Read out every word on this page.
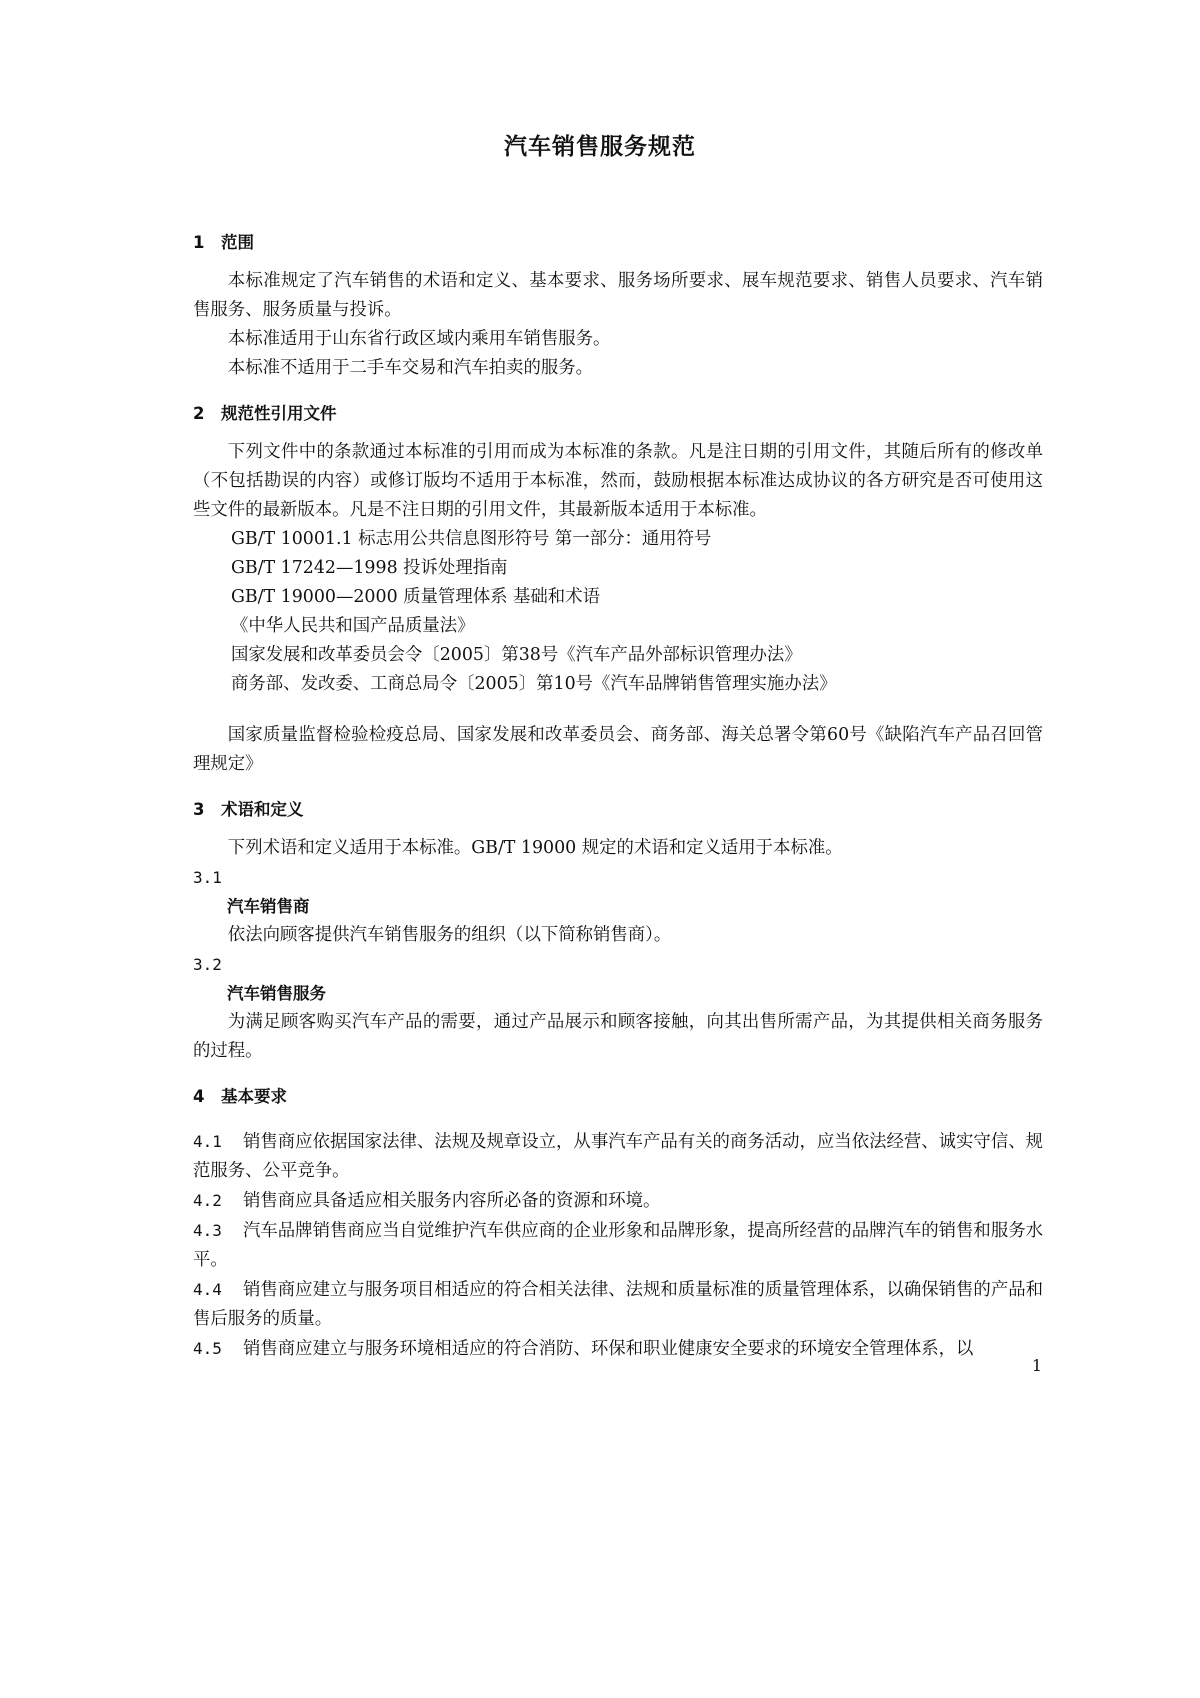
汽车销售服务规范

1 范围

本标准规定了汽车销售的术语和定义、基本要求、服务场所要求、展车规范要求、销售人员要求、汽车销售服务、服务质量与投诉。

本标准适用于山东省行政区域内乘用车销售服务。

本标准不适用于二手车交易和汽车拍卖的服务。

2 规范性引用文件

下列文件中的条款通过本标准的引用而成为本标准的条款。凡是注日期的引用文件，其随后所有的修改单（不包括勘误的内容）或修订版均不适用于本标准，然而，鼓励根据本标准达成协议的各方研究是否可使用这些文件的最新版本。凡是不注日期的引用文件，其最新版本适用于本标准。

GB/T 10001.1 标志用公共信息图形符号 第一部分：通用符号

GB/T 17242—1998 投诉处理指南

GB/T 19000—2000 质量管理体系 基础和术语

《中华人民共和国产品质量法》

国家发展和改革委员会令〔2005〕第38号《汽车产品外部标识管理办法》

商务部、发改委、工商总局令〔2005〕第10号《汽车品牌销售管理实施办法》

国家质量监督检验检疫总局、国家发展和改革委员会、商务部、海关总署令第60号《缺陷汽车产品召回管理规定》

3 术语和定义

下列术语和定义适用于本标准。GB/T 19000 规定的术语和定义适用于本标准。

3.1

汽车销售商

依法向顾客提供汽车销售服务的组织（以下简称销售商）。

3.2

汽车销售服务

为满足顾客购买汽车产品的需要，通过产品展示和顾客接触，向其出售所需产品，为其提供相关商务服务的过程。

4 基本要求

4.1 销售商应依据国家法律、法规及规章设立，从事汽车产品有关的商务活动，应当依法经营、诚实守信、规范服务、公平竞争。

4.2 销售商应具备适应相关服务内容所必备的资源和环境。

4.3 汽车品牌销售商应当自觉维护汽车供应商的企业形象和品牌形象，提高所经营的品牌汽车的销售和服务水平。

4.4 销售商应建立与服务项目相适应的符合相关法律、法规和质量标准的质量管理体系，以确保销售的产品和售后服务的质量。

4.5 销售商应建立与服务环境相适应的符合消防、环保和职业健康安全要求的环境安全管理体系，以

1
